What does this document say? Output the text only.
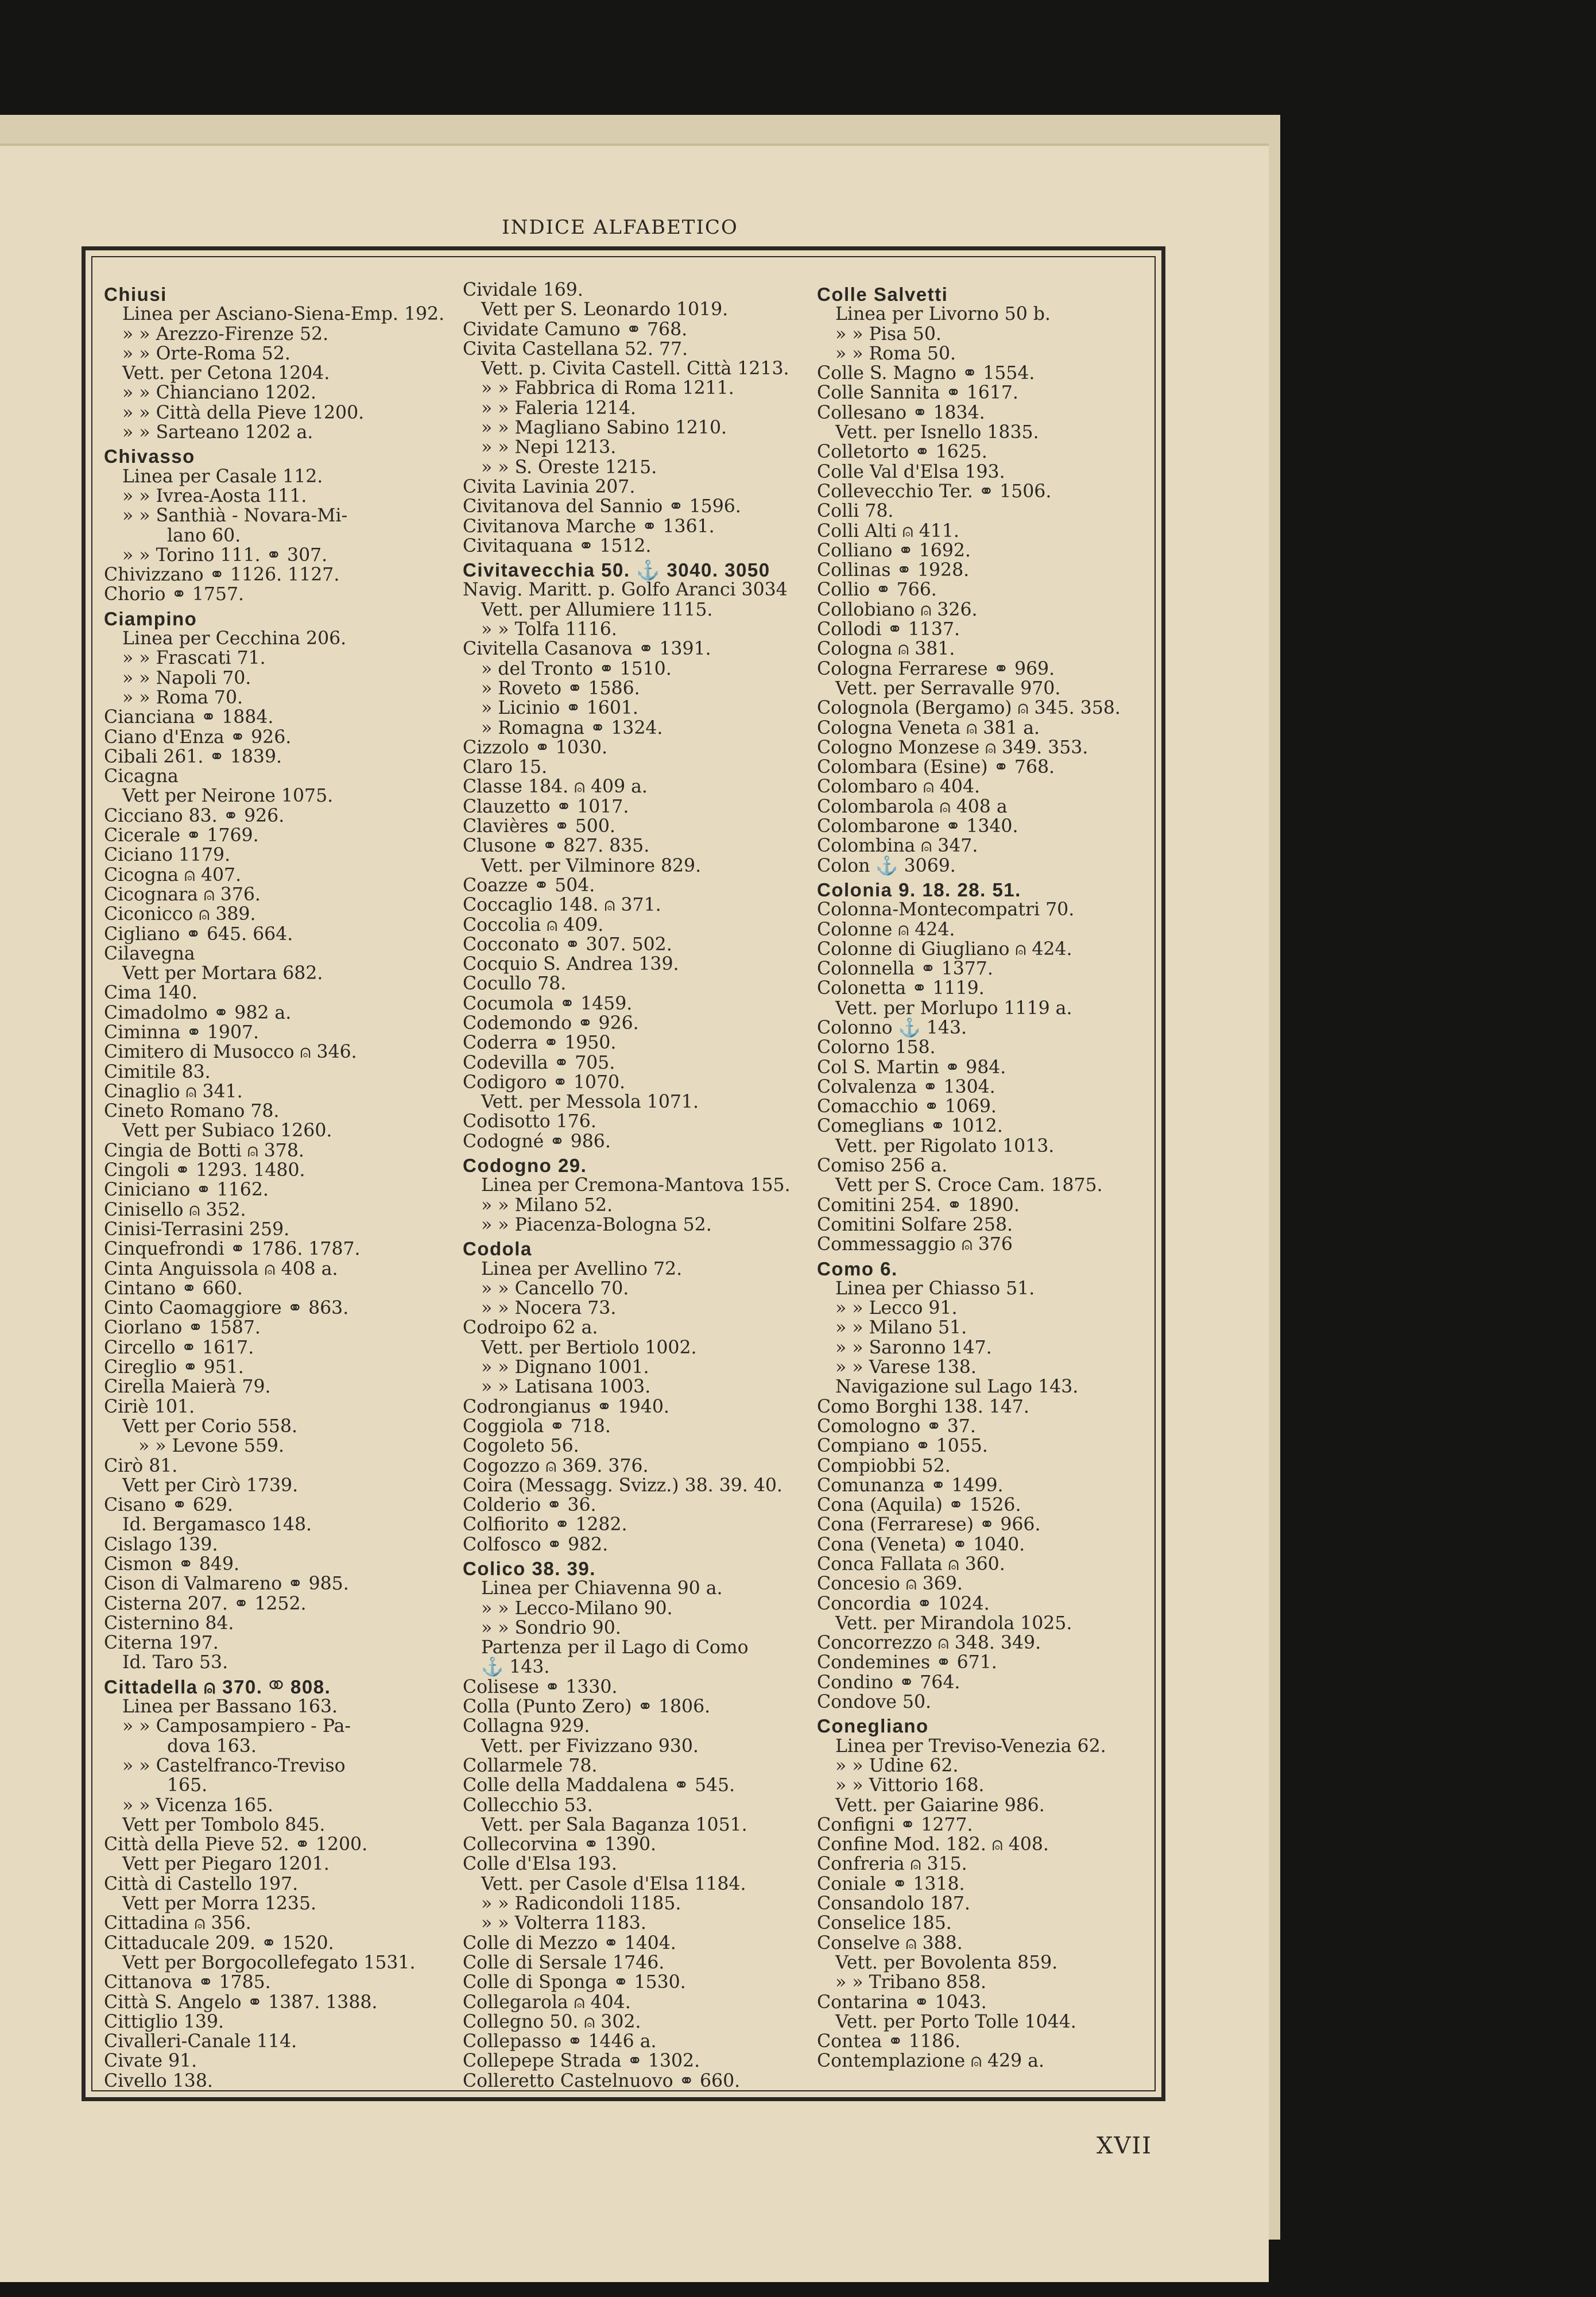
INDICE ALFABETICO
Chiusi
Linea per Asciano-Siena-Emp. 192.
» » Arezzo-Firenze 52.
» » Orte-Roma 52.
Vett. per Cetona 1204.
» » Chianciano 1202.
» » Città della Pieve 1200.
» » Sarteano 1202 a.
Chivasso
Linea per Casale 112.
» » Ivrea-Aosta 111.
» » Santhià - Novara-Mi-
lano 60.
» » Torino 111. ⚭ 307.
Chivizzano ⚭ 1126. 1127.
Chorio ⚭ 1757.
Ciampino
Linea per Cecchina 206.
» » Frascati 71.
» » Napoli 70.
» » Roma 70.
Cianciana ⚭ 1884.
Ciano d'Enza ⚭ 926.
Cibali 261. ⚭ 1839.
Cicagna
Vett per Neirone 1075.
Cicciano 83. ⚭ 926.
Cicerale ⚭ 1769.
Ciciano 1179.
Cicogna ⍝ 407.
Cicognara ⍝ 376.
Ciconicco ⍝ 389.
Cigliano ⚭ 645. 664.
Cilavegna
Vett per Mortara 682.
Cima 140.
Cimadolmo ⚭ 982 a.
Ciminna ⚭ 1907.
Cimitero di Musocco ⍝ 346.
Cimitile 83.
Cinaglio ⍝ 341.
Cineto Romano 78.
Vett per Subiaco 1260.
Cingia de Botti ⍝ 378.
Cingoli ⚭ 1293. 1480.
Ciniciano ⚭ 1162.
Cinisello ⍝ 352.
Cinisi-Terrasini 259.
Cinquefrondi ⚭ 1786. 1787.
Cinta Anguissola ⍝ 408 a.
Cintano ⚭ 660.
Cinto Caomaggiore ⚭ 863.
Ciorlano ⚭ 1587.
Circello ⚭ 1617.
Cireglio ⚭ 951.
Cirella Maierà 79.
Ciriè 101.
Vett per Corio 558.
» » Levone 559.
Cirò 81.
Vett per Cirò 1739.
Cisano ⚭ 629.
Id. Bergamasco 148.
Cislago 139.
Cismon ⚭ 849.
Cison di Valmareno ⚭ 985.
Cisterna 207. ⚭ 1252.
Cisternino 84.
Citerna 197.
Id. Taro 53.
Cittadella ⍝ 370. ⚭ 808.
Linea per Bassano 163.
» » Camposampiero - Pa-
dova 163.
» » Castelfranco-Treviso
165.
» » Vicenza 165.
Vett per Tombolo 845.
Città della Pieve 52. ⚭ 1200.
Vett per Piegaro 1201.
Città di Castello 197.
Vett per Morra 1235.
Cittadina ⍝ 356.
Cittaducale 209. ⚭ 1520.
Vett per Borgocollefegato 1531.
Cittanova ⚭ 1785.
Città S. Angelo ⚭ 1387. 1388.
Cittiglio 139.
Civalleri-Canale 114.
Civate 91.
Civello 138.
Cividale 169.
Vett per S. Leonardo 1019.
Cividate Camuno ⚭ 768.
Civita Castellana 52. 77.
Vett. p. Civita Castell. Città 1213.
» » Fabbrica di Roma 1211.
» » Faleria 1214.
» » Magliano Sabino 1210.
» » Nepi 1213.
» » S. Oreste 1215.
Civita Lavinia 207.
Civitanova del Sannio ⚭ 1596.
Civitanova Marche ⚭ 1361.
Civitaquana ⚭ 1512.
Civitavecchia 50. ⚓ 3040. 3050
Navig. Maritt. p. Golfo Aranci 3034
Vett. per Allumiere 1115.
» » Tolfa 1116.
Civitella Casanova ⚭ 1391.
» del Tronto ⚭ 1510.
» Roveto ⚭ 1586.
» Licinio ⚭ 1601.
» Romagna ⚭ 1324.
Cizzolo ⚭ 1030.
Claro 15.
Classe 184. ⍝ 409 a.
Clauzetto ⚭ 1017.
Clavières ⚭ 500.
Clusone ⚭ 827. 835.
Vett. per Vilminore 829.
Coazze ⚭ 504.
Coccaglio 148. ⍝ 371.
Coccolia ⍝ 409.
Cocconato ⚭ 307. 502.
Cocquio S. Andrea 139.
Cocullo 78.
Cocumola ⚭ 1459.
Codemondo ⚭ 926.
Coderra ⚭ 1950.
Codevilla ⚭ 705.
Codigoro ⚭ 1070.
Vett. per Messola 1071.
Codisotto 176.
Codogné ⚭ 986.
Codogno 29.
Linea per Cremona-Mantova 155.
» » Milano 52.
» » Piacenza-Bologna 52.
Codola
Linea per Avellino 72.
» » Cancello 70.
» » Nocera 73.
Codroipo 62 a.
Vett. per Bertiolo 1002.
» » Dignano 1001.
» » Latisana 1003.
Codrongianus ⚭ 1940.
Coggiola ⚭ 718.
Cogoleto 56.
Cogozzo ⍝ 369. 376.
Coira (Messagg. Svizz.) 38. 39. 40.
Colderio ⚭ 36.
Colfiorito ⚭ 1282.
Colfosco ⚭ 982.
Colico 38. 39.
Linea per Chiavenna 90 a.
» » Lecco-Milano 90.
» » Sondrio 90.
Partenza per il Lago di Como
⚓ 143.
Colisese ⚭ 1330.
Colla (Punto Zero) ⚭ 1806.
Collagna 929.
Vett. per Fivizzano 930.
Collarmele 78.
Colle della Maddalena ⚭ 545.
Collecchio 53.
Vett. per Sala Baganza 1051.
Collecorvina ⚭ 1390.
Colle d'Elsa 193.
Vett. per Casole d'Elsa 1184.
» » Radicondoli 1185.
» » Volterra 1183.
Colle di Mezzo ⚭ 1404.
Colle di Sersale 1746.
Colle di Sponga ⚭ 1530.
Collegarola ⍝ 404.
Collegno 50. ⍝ 302.
Collepasso ⚭ 1446 a.
Collepepe Strada ⚭ 1302.
Colleretto Castelnuovo ⚭ 660.
Colle Salvetti
Linea per Livorno 50 b.
» » Pisa 50.
» » Roma 50.
Colle S. Magno ⚭ 1554.
Colle Sannita ⚭ 1617.
Collesano ⚭ 1834.
Vett. per Isnello 1835.
Colletorto ⚭ 1625.
Colle Val d'Elsa 193.
Collevecchio Ter. ⚭ 1506.
Colli 78.
Colli Alti ⍝ 411.
Colliano ⚭ 1692.
Collinas ⚭ 1928.
Collio ⚭ 766.
Collobiano ⍝ 326.
Collodi ⚭ 1137.
Cologna ⍝ 381.
Cologna Ferrarese ⚭ 969.
Vett. per Serravalle 970.
Colognola (Bergamo) ⍝ 345. 358.
Cologna Veneta ⍝ 381 a.
Cologno Monzese ⍝ 349. 353.
Colombara (Esine) ⚭ 768.
Colombaro ⍝ 404.
Colombarola ⍝ 408 a
Colombarone ⚭ 1340.
Colombina ⍝ 347.
Colon ⚓ 3069.
Colonia 9. 18. 28. 51.
Colonna-Montecompatri 70.
Colonne ⍝ 424.
Colonne di Giugliano ⍝ 424.
Colonnella ⚭ 1377.
Colonetta ⚭ 1119.
Vett. per Morlupo 1119 a.
Colonno ⚓ 143.
Colorno 158.
Col S. Martin ⚭ 984.
Colvalenza ⚭ 1304.
Comacchio ⚭ 1069.
Comeglians ⚭ 1012.
Vett. per Rigolato 1013.
Comiso 256 a.
Vett per S. Croce Cam. 1875.
Comitini 254. ⚭ 1890.
Comitini Solfare 258.
Commessaggio ⍝ 376
Como 6.
Linea per Chiasso 51.
» » Lecco 91.
» » Milano 51.
» » Saronno 147.
» » Varese 138.
Navigazione sul Lago 143.
Como Borghi 138. 147.
Comologno ⚭ 37.
Compiano ⚭ 1055.
Compiobbi 52.
Comunanza ⚭ 1499.
Cona (Aquila) ⚭ 1526.
Cona (Ferrarese) ⚭ 966.
Cona (Veneta) ⚭ 1040.
Conca Fallata ⍝ 360.
Concesio ⍝ 369.
Concordia ⚭ 1024.
Vett. per Mirandola 1025.
Concorrezzo ⍝ 348. 349.
Condemines ⚭ 671.
Condino ⚭ 764.
Condove 50.
Conegliano
Linea per Treviso-Venezia 62.
» » Udine 62.
» » Vittorio 168.
Vett. per Gaiarine 986.
Configni ⚭ 1277.
Confine Mod. 182. ⍝ 408.
Confreria ⍝ 315.
Coniale ⚭ 1318.
Consandolo 187.
Conselice 185.
Conselve ⍝ 388.
Vett. per Bovolenta 859.
» » Tribano 858.
Contarina ⚭ 1043.
Vett. per Porto Tolle 1044.
Contea ⚭ 1186.
Contemplazione ⍝ 429 a.
XVII
